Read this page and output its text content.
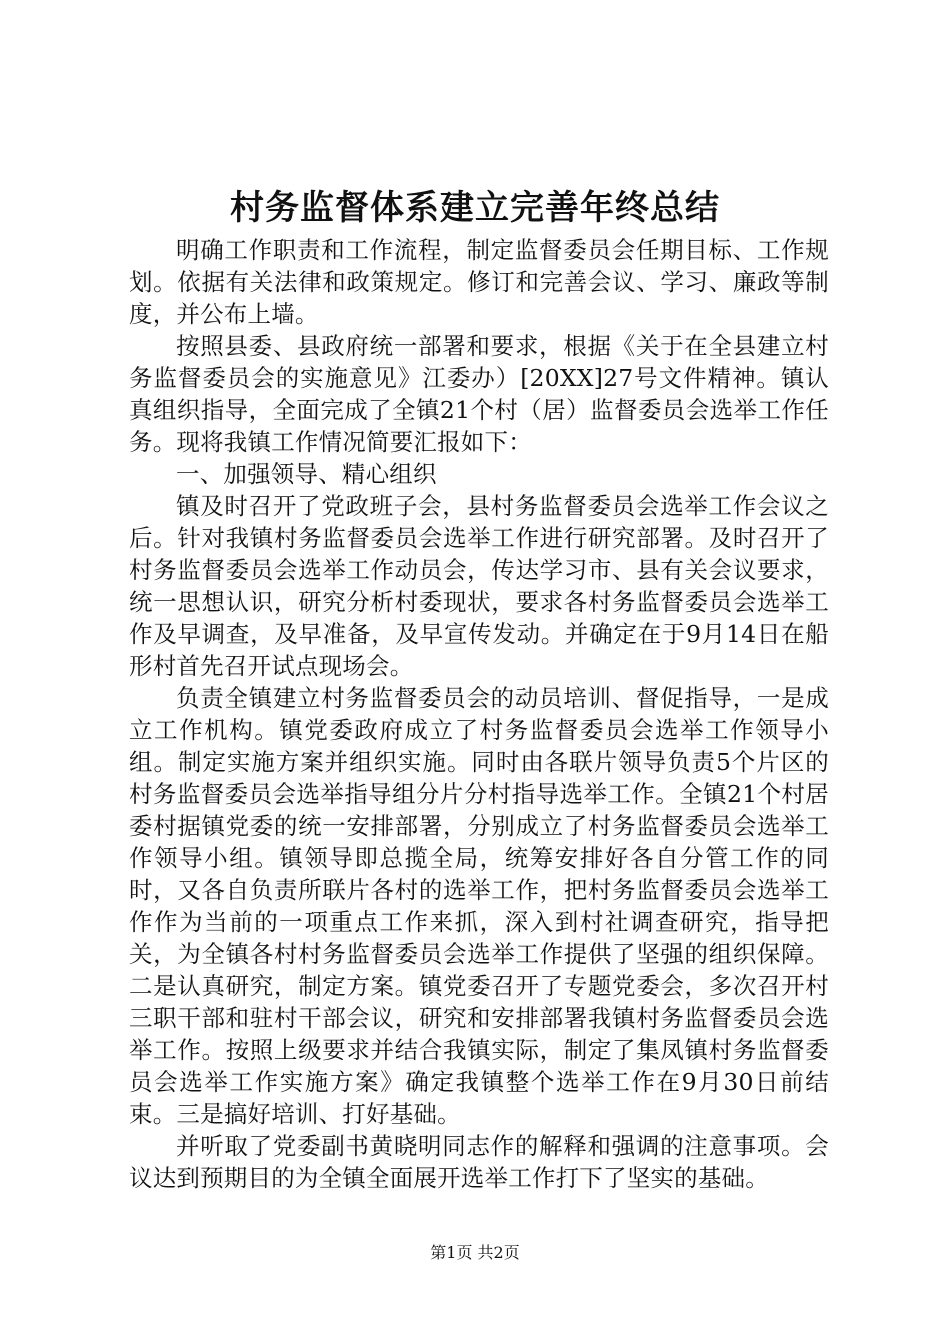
村务监督体系建立完善年终总结

明确工作职责和工作流程，制定监督委员会任期目标、工作规划。依据有关法律和政策规定。修订和完善会议、学习、廉政等制度，并公布上墙。

按照县委、县政府统一部署和要求，根据《关于在全县建立村务监督委员会的实施意见》江委办）[20XX]27号文件精神。镇认真组织指导，全面完成了全镇21个村（居）监督委员会选举工作任务。现将我镇工作情况简要汇报如下：

一、加强领导、精心组织

镇及时召开了党政班子会，县村务监督委员会选举工作会议之后。针对我镇村务监督委员会选举工作进行研究部署。及时召开了村务监督委员会选举工作动员会，传达学习市、县有关会议要求，统一思想认识，研究分析村委现状，要求各村务监督委员会选举工作及早调查，及早准备，及早宣传发动。并确定在于9月14日在船形村首先召开试点现场会。

负责全镇建立村务监督委员会的动员培训、督促指导，一是成立工作机构。镇党委政府成立了村务监督委员会选举工作领导小组。制定实施方案并组织实施。同时由各联片领导负责5个片区的村务监督委员会选举指导组分片分村指导选举工作。全镇21个村居委村据镇党委的统一安排部署，分别成立了村务监督委员会选举工作领导小组。镇领导即总揽全局，统筹安排好各自分管工作的同时，又各自负责所联片各村的选举工作，把村务监督委员会选举工作作为当前的一项重点工作来抓，深入到村社调查研究，指导把关，为全镇各村村务监督委员会选举工作提供了坚强的组织保障。二是认真研究，制定方案。镇党委召开了专题党委会，多次召开村三职干部和驻村干部会议，研究和安排部署我镇村务监督委员会选举工作。按照上级要求并结合我镇实际，制定了集凤镇村务监督委员会选举工作实施方案》确定我镇整个选举工作在9月30日前结束。三是搞好培训、打好基础。

并听取了党委副书黄晓明同志作的解释和强调的注意事项。会议达到预期目的为全镇全面展开选举工作打下了坚实的基础。

第1页 共2页
